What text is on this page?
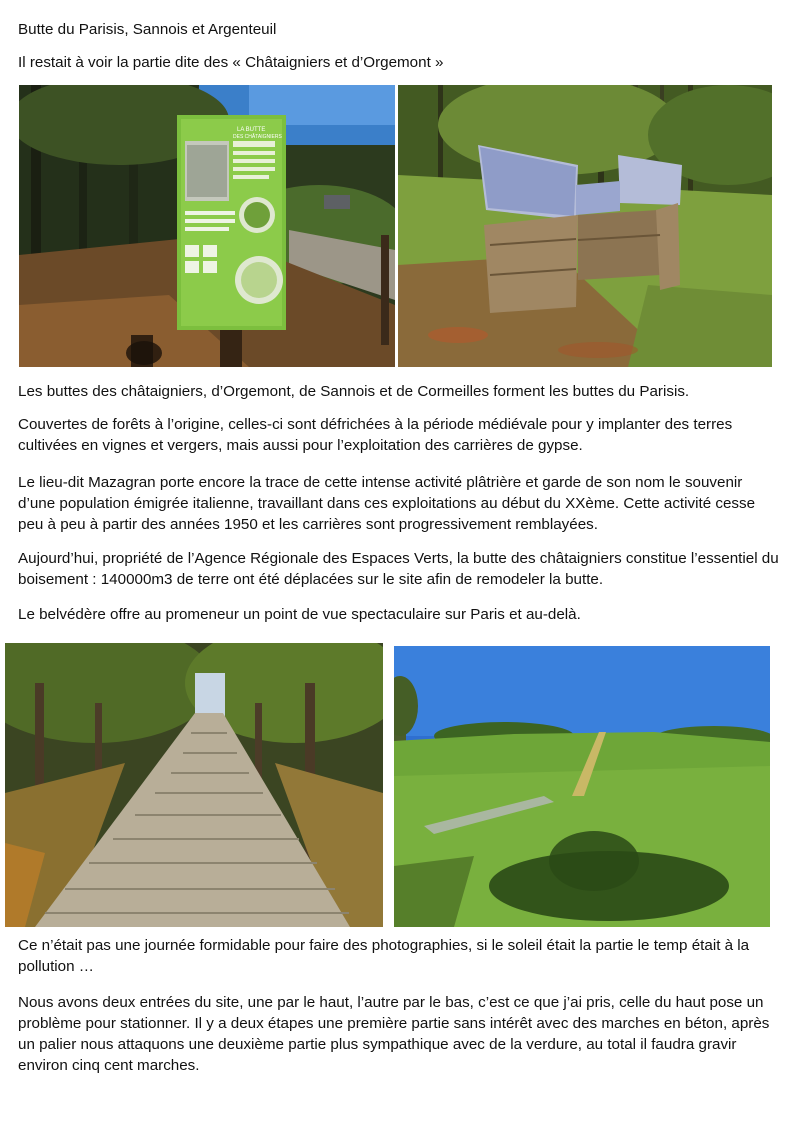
Butte du Parisis, Sannois et Argenteuil

Il restait à voir la partie dite des « Châtaigniers et d’Orgemont »

LA BUTTE
DES CHÂTAIGNIERS

Les buttes des châtaigniers, d’Orgemont, de Sannois et de Cormeilles forment les buttes du Parisis.

Couvertes de forêts à l’origine, celles-ci sont défrichées à la période médiévale pour y implanter des terres cultivées en vignes et vergers, mais aussi pour l’exploitation des carrières de gypse.

Le lieu-dit Mazagran porte encore la trace de cette intense activité plâtrière et garde de son nom le souvenir d’une population émigrée italienne, travaillant dans ces exploitations au début du XXème. Cette activité cesse peu à peu à partir des années 1950 et les carrières sont progressivement remblayées.

Aujourd’hui, propriété de l’Agence Régionale des Espaces Verts, la butte des châtaigniers constitue l’essentiel du boisement : 140000m3 de terre ont été déplacées sur le site afin de remodeler la butte.

Le belvédère offre au promeneur un point de vue spectaculaire sur Paris et au-delà.

Ce n’était pas une journée formidable pour faire des photographies, si le soleil était la partie le temp était à la pollution …

Nous avons deux entrées du site, une par le haut, l’autre par le bas, c’est ce que j’ai pris, celle du haut pose un problème pour stationner. Il y a deux étapes une première partie sans intérêt avec des marches en béton, après un palier nous attaquons une deuxième partie plus sympathique avec de la verdure, au total il faudra gravir environ cinq cent marches.
